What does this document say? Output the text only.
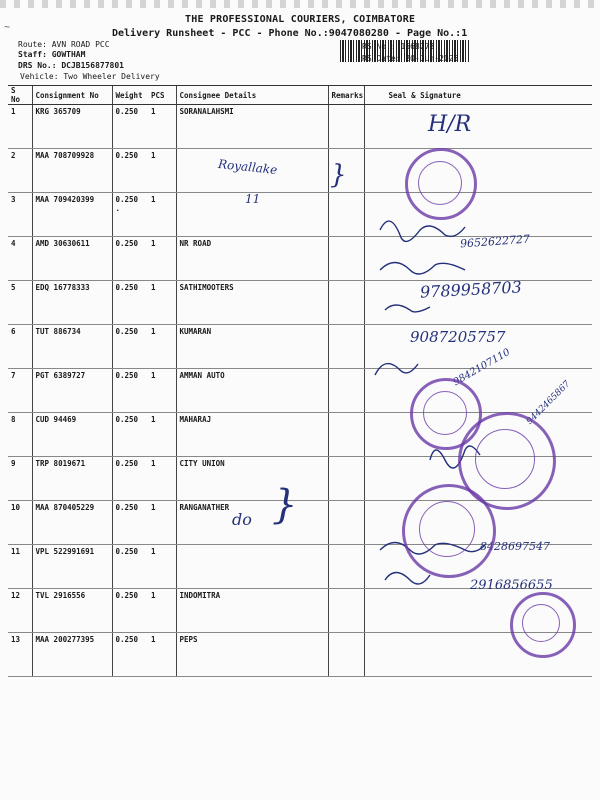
~
THE PROFESSIONAL COURIERS, COIMBATORE
Delivery Runsheet - PCC - Phone No.:9047080280 - Page No.:1
Route: AVN ROAD PCC
Staff: GOWTHAM
DRS No.: DCJB156877801
Vehicle: Two Wheeler Delivery
RS No.: 1568778
RS Date: 20-Jun-2025
S No	Consignment No	Weight	PCS	Consignee Details	Remarks	Seal & Signature
1	KRG 365709	0.250	1	SORANALAHSMI		
2	MAA 708709928	0.250	1			
3	MAA 709420399	0.250 .	1			
4	AMD 30630611	0.250	1	NR ROAD		
5	EDQ 16778333	0.250	1	SATHIMOOTERS		
6	TUT 886734	0.250	1	KUMARAN		
7	PGT 6389727	0.250	1	AMMAN AUTO		
8	CUD 94469	0.250	1	MAHARAJ		
9	TRP 8019671	0.250	1	CITY UNION		
10	MAA 870405229	0.250	1	RANGANATHER		
11	VPL 522991691	0.250	1			
12	TVL 2916556	0.250	1	INDOMITRA		
13	MAA 200277395	0.250	1	PEPS		
H/R
Royallake
11
}
9652622727
9789958703
9087205757
9842107110
9442465867
do }
8428697547
2916856655
